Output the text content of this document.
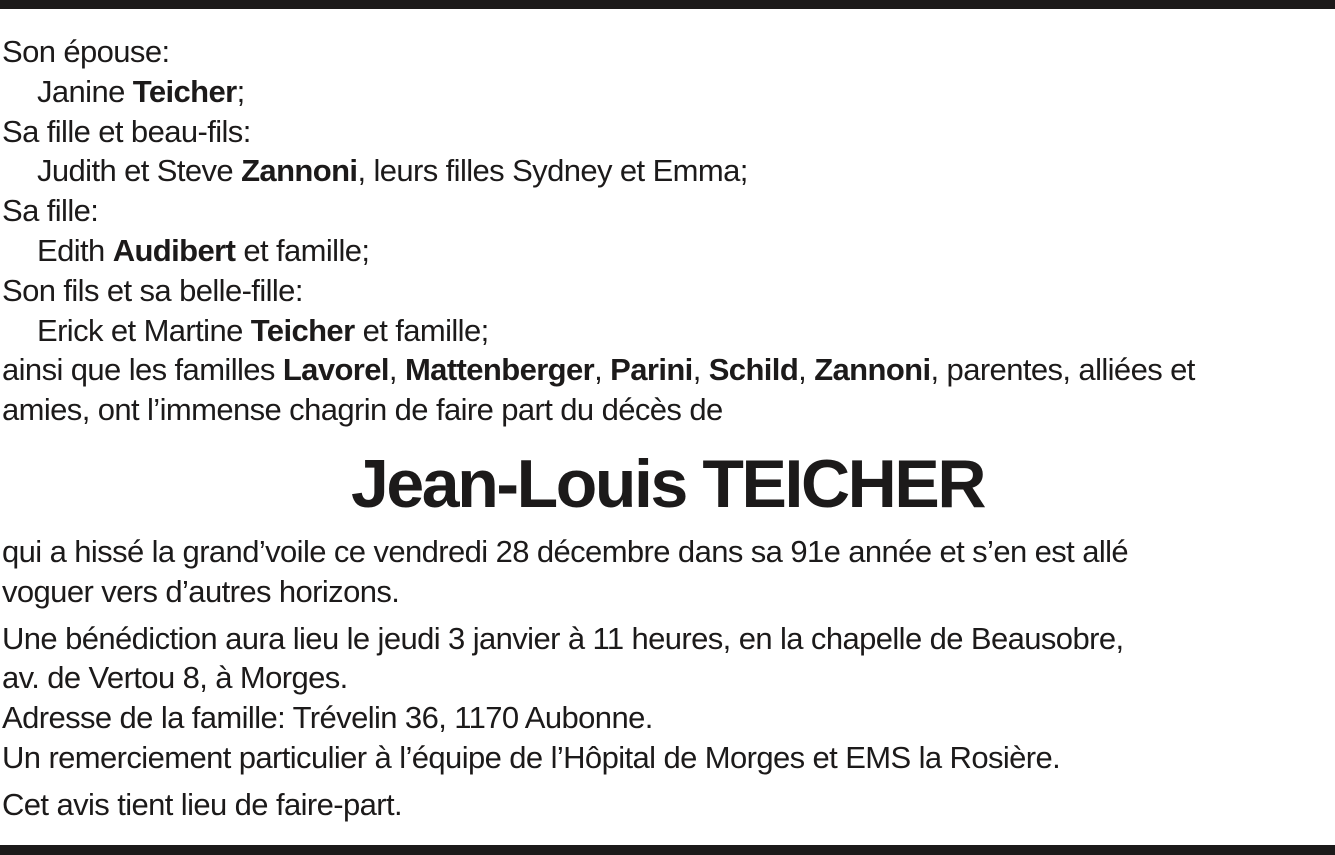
Son épouse:
Janine Teicher;
Sa fille et beau-fils:
Judith et Steve Zannoni, leurs filles Sydney et Emma;
Sa fille:
Edith Audibert et famille;
Son fils et sa belle-fille:
Erick et Martine Teicher et famille;
ainsi que les familles Lavorel, Mattenberger, Parini, Schild, Zannoni, parentes, alliées et
amies, ont l’immense chagrin de faire part du décès de
Jean-Louis TEICHER
qui a hissé la grand’voile ce vendredi 28 décembre dans sa 91e année et s’en est allé
voguer vers d’autres horizons.
Une bénédiction aura lieu le jeudi 3 janvier à 11 heures, en la chapelle de Beausobre,
av. de Vertou 8, à Morges.
Adresse de la famille: Trévelin 36, 1170 Aubonne.
Un remerciement particulier à l’équipe de l’Hôpital de Morges et EMS la Rosière.
Cet avis tient lieu de faire-part.
